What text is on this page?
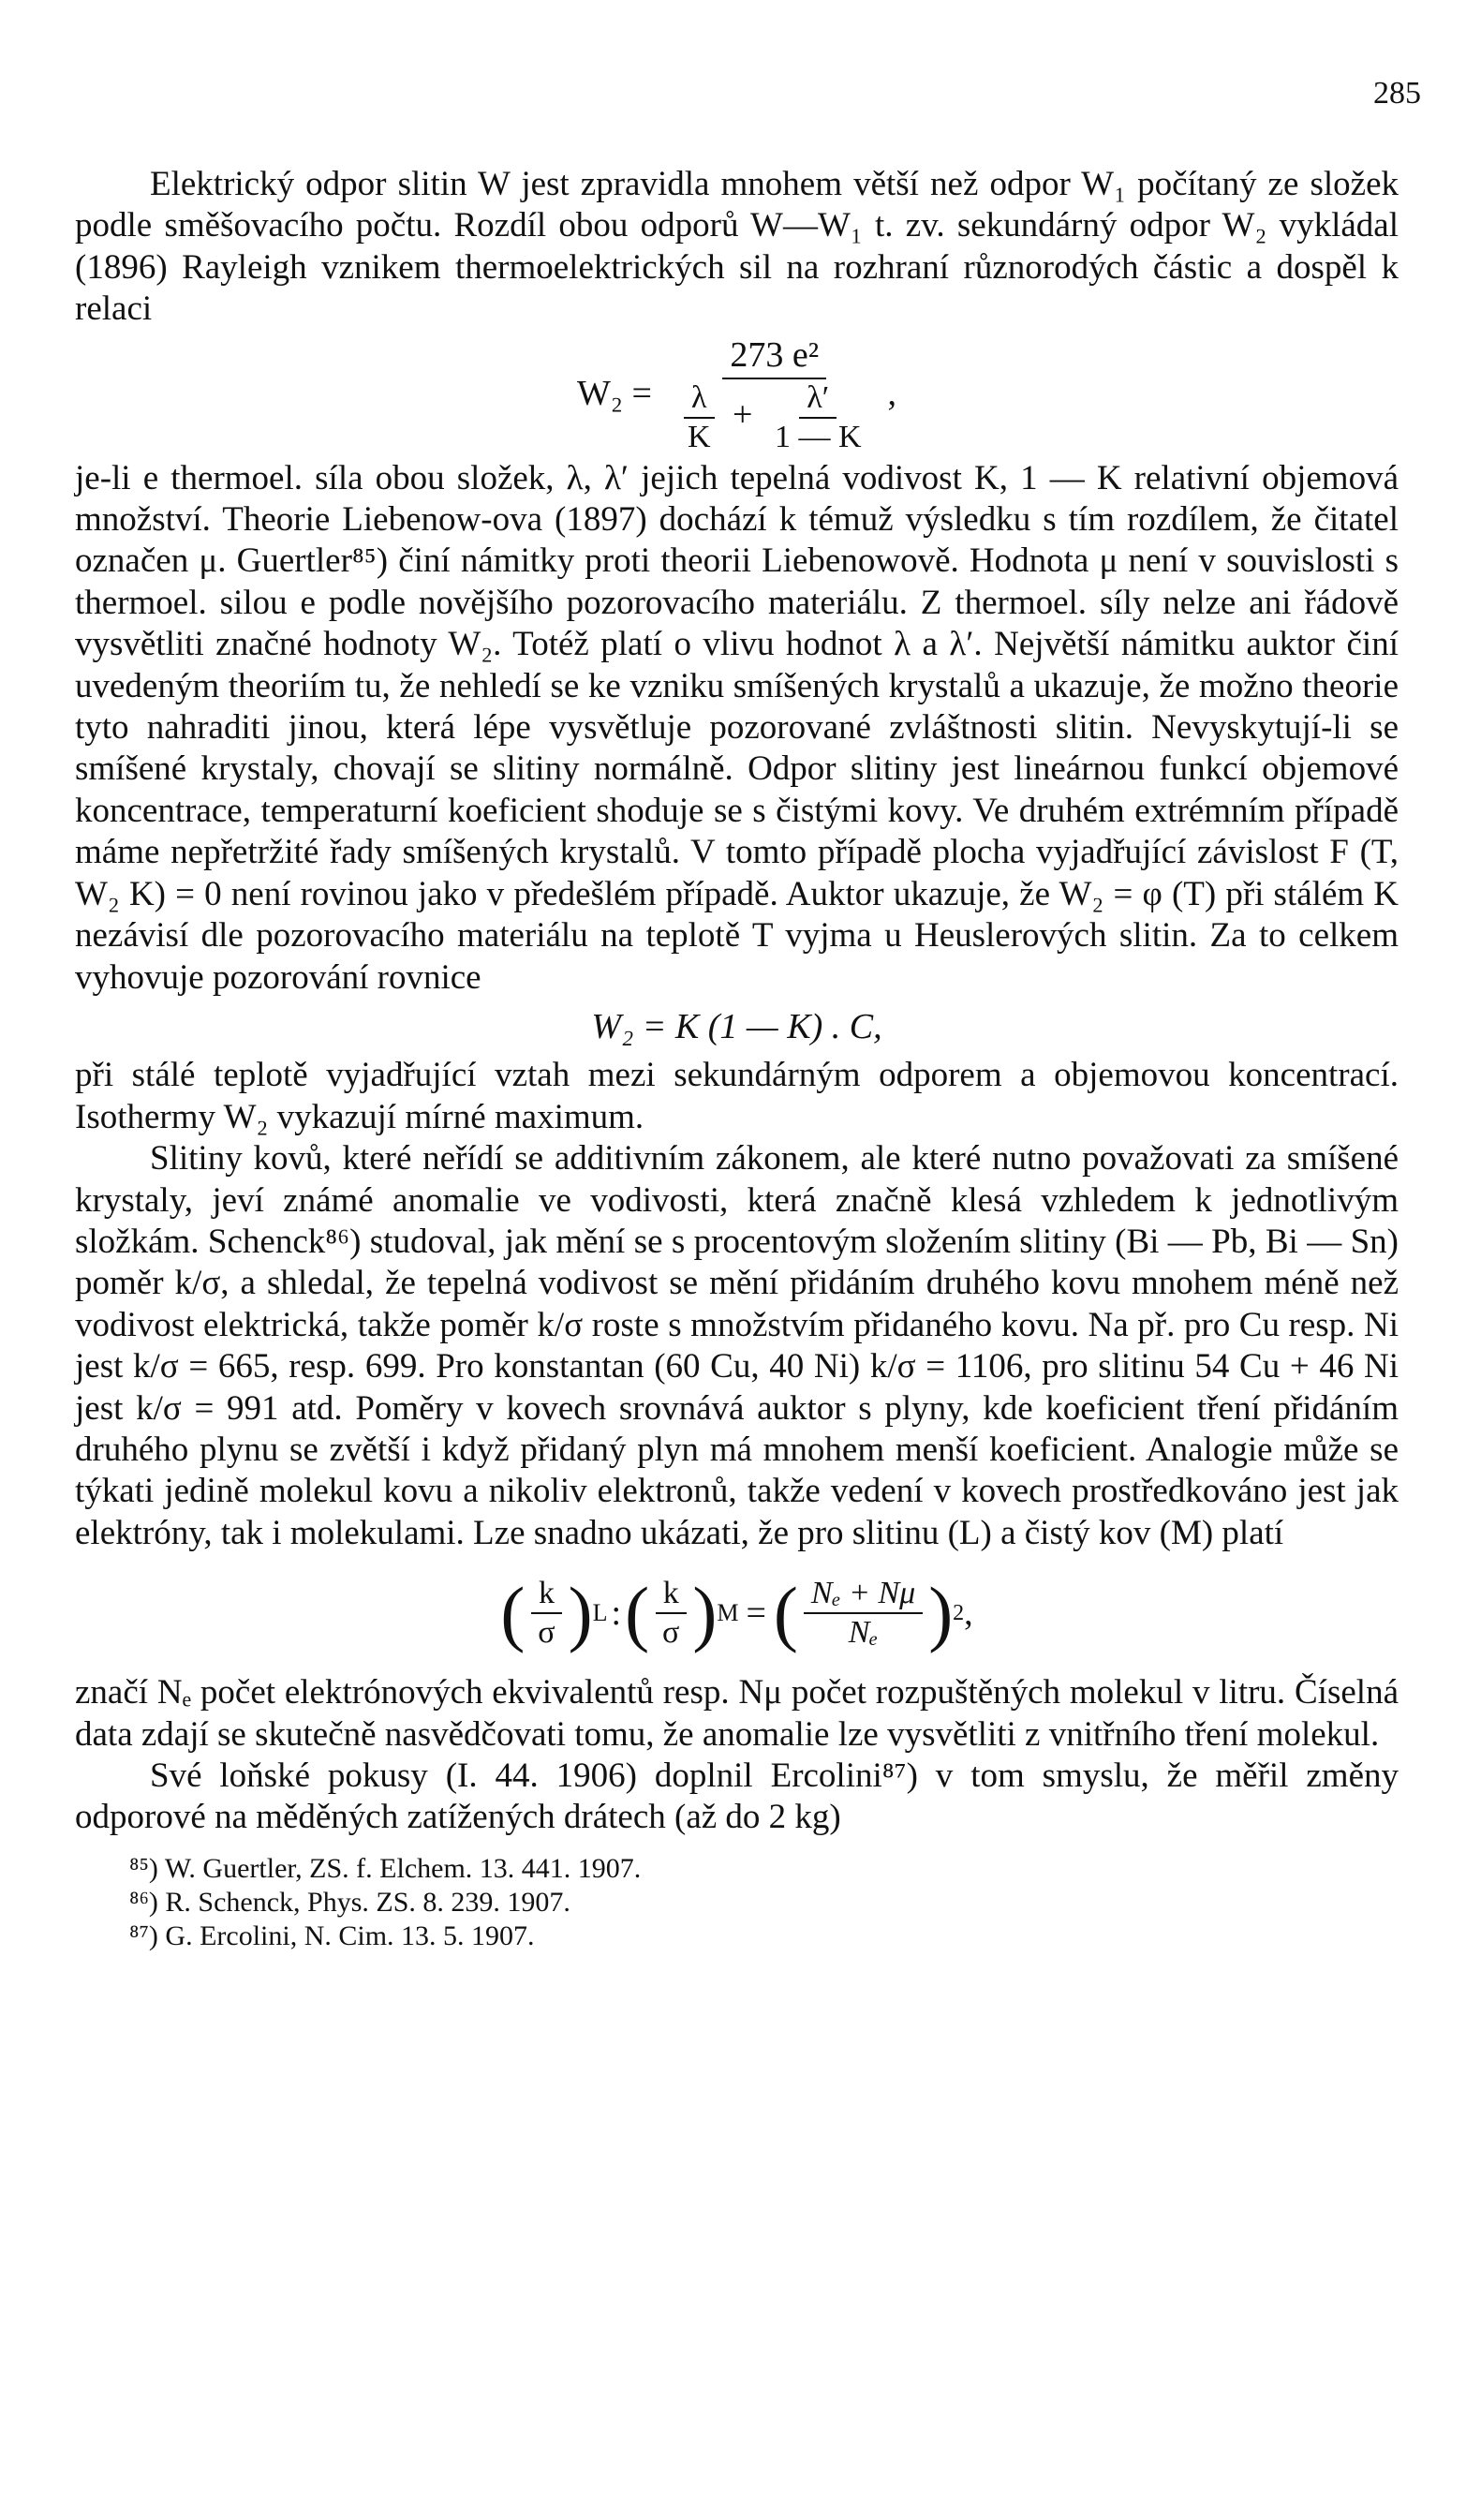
285

Elektrický odpor slitin W jest zpravidla mnohem větší než odpor W₁ počítaný ze složek podle směšovacího počtu. Rozdíl obou odporů W—W₁ t. zv. sekundárný odpor W₂ vykládal (1896) Rayleigh vznikem thermoelektrických sil na rozhraní různorodých částic a dospěl k relaci

W₂ =
273 e²
$\frac{\lambda}{K} + \frac{\lambda'}{1 — K}$ ,

je-li e thermoel. síla obou složek, λ, λ′ jejich tepelná vodivost K, 1 — K relativní objemová množství. Theorie Liebenow-ova (1897) dochází k témuž výsledku s tím rozdílem, že čitatel označen μ. Guertler⁸⁵) činí námitky proti theorii Liebenowově. Hodnota μ není v souvislosti s thermoel. silou e podle novějšího pozorovacího materiálu. Z thermoel. síly nelze ani řádově vysvětliti značné hodnoty W₂. Totéž platí o vlivu hodnot λ a λ′. Největší námitku auktor činí uvedeným theoriím tu, že nehledí se ke vzniku smíšených krystalů a ukazuje, že možno theorie tyto nahraditi jinou, která lépe vysvětluje pozorované zvláštnosti slitin. Nevyskytují-li se smíšené krystaly, chovají se slitiny normálně. Odpor slitiny jest lineárnou funkcí objemové koncentrace, temperaturní koeficient shoduje se s čistými kovy. Ve druhém extrémním případě máme nepřetržité řady smíšených krystalů. V tomto případě plocha vyjadřující závislost F (T, W₂ K) = 0 není rovinou jako v předešlém případě. Auktor ukazuje, že W₂ = φ (T) při stálém K nezávisí dle pozorovacího materiálu na teplotě T vyjma u Heuslerových slitin. Za to celkem vyhovuje pozorování rovnice

W₂ = K (1 — K) . C,

při stálé teplotě vyjadřující vztah mezi sekundárným odporem a objemovou koncentrací. Isothermy W₂ vykazují mírné maximum.

Slitiny kovů, které neřídí se additivním zákonem, ale které nutno považovati za smíšené krystaly, jeví známé anomalie ve vodivosti, která značně klesá vzhledem k jednotlivým složkám. Schenck⁸⁶) studoval, jak mění se s procentovým složením slitiny (Bi — Pb, Bi — Sn) poměr k/σ, a shledal, že tepelná vodivost se mění přidáním druhého kovu mnohem méně než vodivost elektrická, takže poměr k/σ roste s množstvím přidaného kovu. Na př. pro Cu resp. Ni jest k/σ = 665, resp. 699. Pro konstantan (60 Cu, 40 Ni) k/σ = 1106, pro slitinu 54 Cu + 46 Ni jest k/σ = 991 atd. Poměry v kovech srovnává auktor s plyny, kde koeficient tření přidáním druhého plynu se zvětší i když přidaný plyn má mnohem menší koeficient. Analogie může se týkati jedině molekul kovu a nikoliv elektronů, takže vedení v kovech prostředkováno jest jak elektróny, tak i molekulami. Lze snadno ukázati, že pro slitinu (L) a čistý kov (M) platí

( $\frac{k}{\sigma}$ ) L : ( $\frac{k}{\sigma}$ ) M = ( $\frac{\text{Nₑ + Nμ}}{\text{Nₑ}}$ ) 2 ,

značí Nₑ počet elektrónových ekvivalentů resp. Nμ počet rozpuštěných molekul v litru. Číselná data zdají se skutečně nasvědčovati tomu, že anomalie lze vysvětliti z vnitřního tření molekul.

Své loňské pokusy (I. 44. 1906) doplnil Ercolini⁸⁷) v tom smyslu, že měřil změny odporové na měděných zatížených drátech (až do 2 kg)

⁸⁵) W. Guertler, ZS. f. Elchem. 13. 441. 1907.
⁸⁶) R. Schenck, Phys. ZS. 8. 239. 1907.
⁸⁷) G. Ercolini, N. Cim. 13. 5. 1907.
